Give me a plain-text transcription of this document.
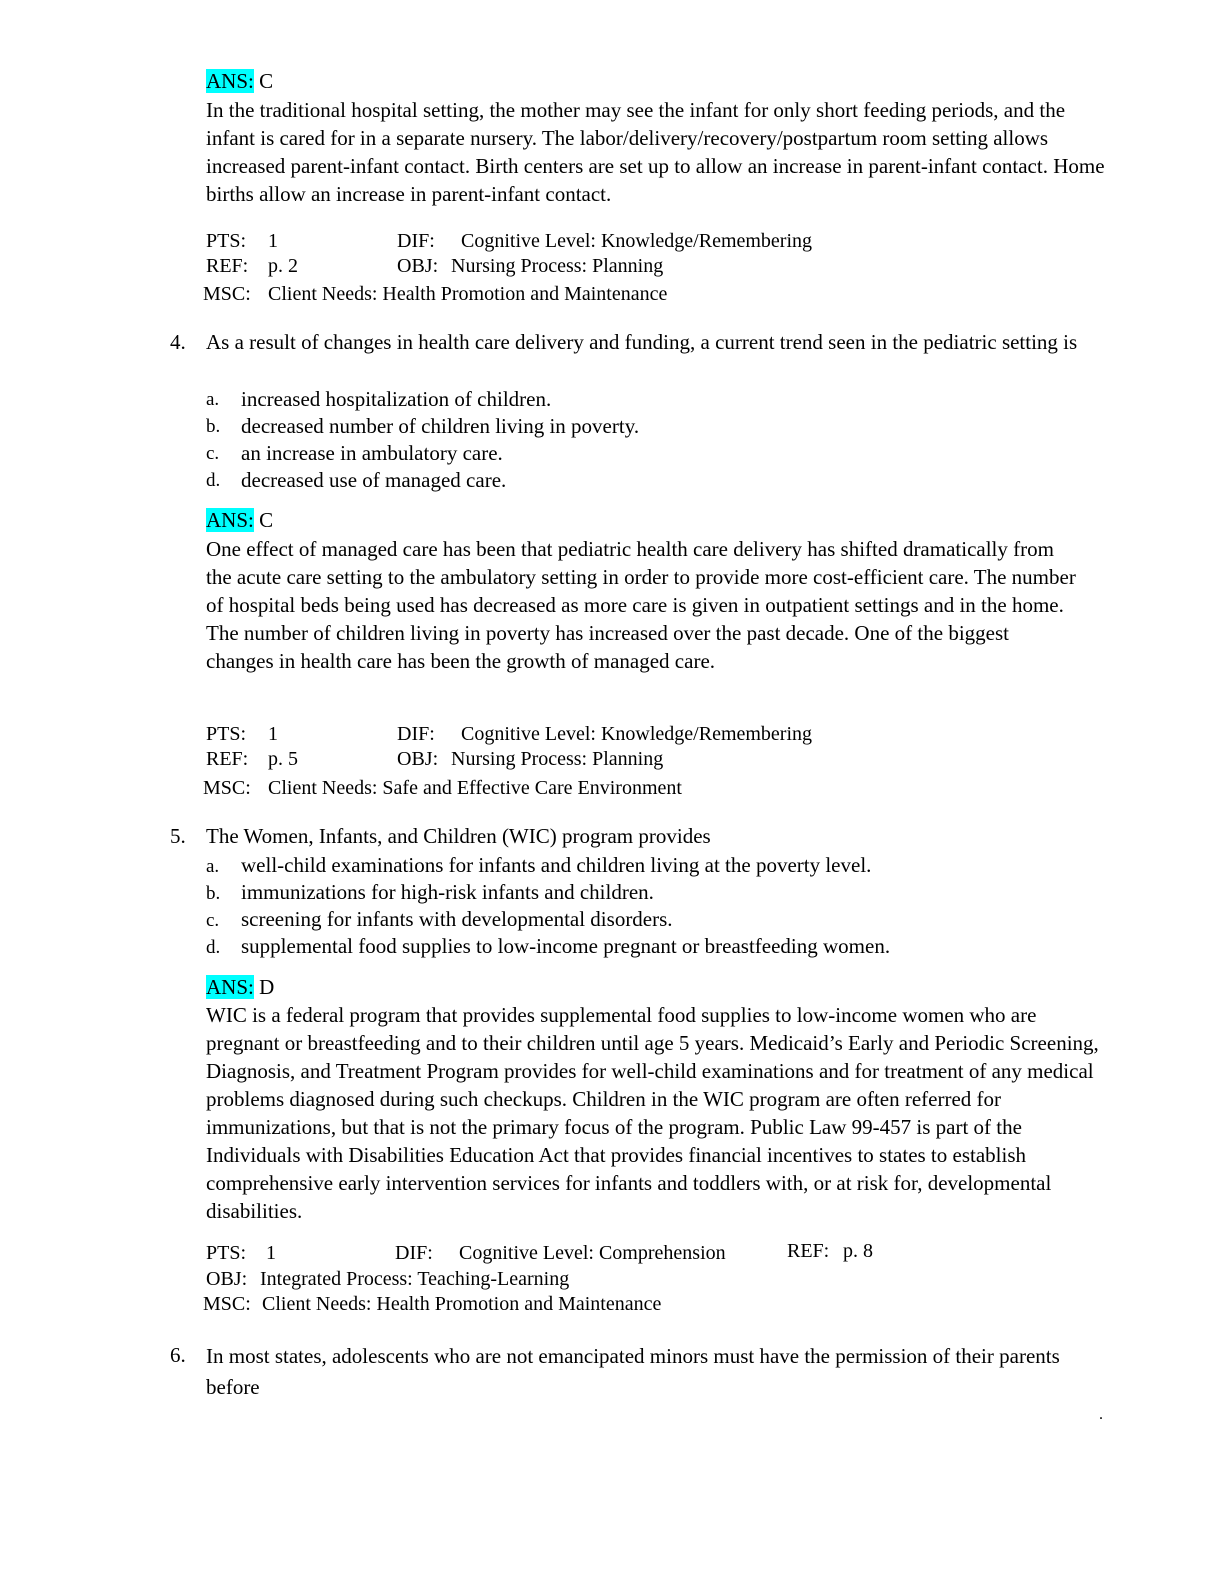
ANS: C
In the traditional hospital setting, the mother may see the infant for only short feeding periods, and the infant is cared for in a separate nursery. The labor/delivery/recovery/postpartum room setting allows increased parent-infant contact. Birth centers are set up to allow an increase in parent-infant contact. Home births allow an increase in parent-infant contact.
PTS: 1	DIF: Cognitive Level: Knowledge/Remembering
REF: p. 2	OBJ: Nursing Process: Planning
MSC: Client Needs: Health Promotion and Maintenance
4. As a result of changes in health care delivery and funding, a current trend seen in the pediatric setting is
a. increased hospitalization of children.
b. decreased number of children living in poverty.
c. an increase in ambulatory care.
d. decreased use of managed care.
ANS: C
One effect of managed care has been that pediatric health care delivery has shifted dramatically from the acute care setting to the ambulatory setting in order to provide more cost-efficient care. The number of hospital beds being used has decreased as more care is given in outpatient settings and in the home. The number of children living in poverty has increased over the past decade. One of the biggest changes in health care has been the growth of managed care.
PTS: 1	DIF: Cognitive Level: Knowledge/Remembering
REF: p. 5	OBJ: Nursing Process: Planning
MSC: Client Needs: Safe and Effective Care Environment
5. The Women, Infants, and Children (WIC) program provides
a. well-child examinations for infants and children living at the poverty level.
b. immunizations for high-risk infants and children.
c. screening for infants with developmental disorders.
d. supplemental food supplies to low-income pregnant or breastfeeding women.
ANS: D
WIC is a federal program that provides supplemental food supplies to low-income women who are pregnant or breastfeeding and to their children until age 5 years. Medicaid’s Early and Periodic Screening, Diagnosis, and Treatment Program provides for well-child examinations and for treatment of any medical problems diagnosed during such checkups. Children in the WIC program are often referred for immunizations, but that is not the primary focus of the program. Public Law 99-457 is part of the Individuals with Disabilities Education Act that provides financial incentives to states to establish comprehensive early intervention services for infants and toddlers with, or at risk for, developmental disabilities.
PTS: 1	DIF: Cognitive Level: Comprehension	REF: p. 8
OBJ: Integrated Process: Teaching-Learning
MSC: Client Needs: Health Promotion and Maintenance
6. In most states, adolescents who are not emancipated minors must have the permission of their parents before
.
